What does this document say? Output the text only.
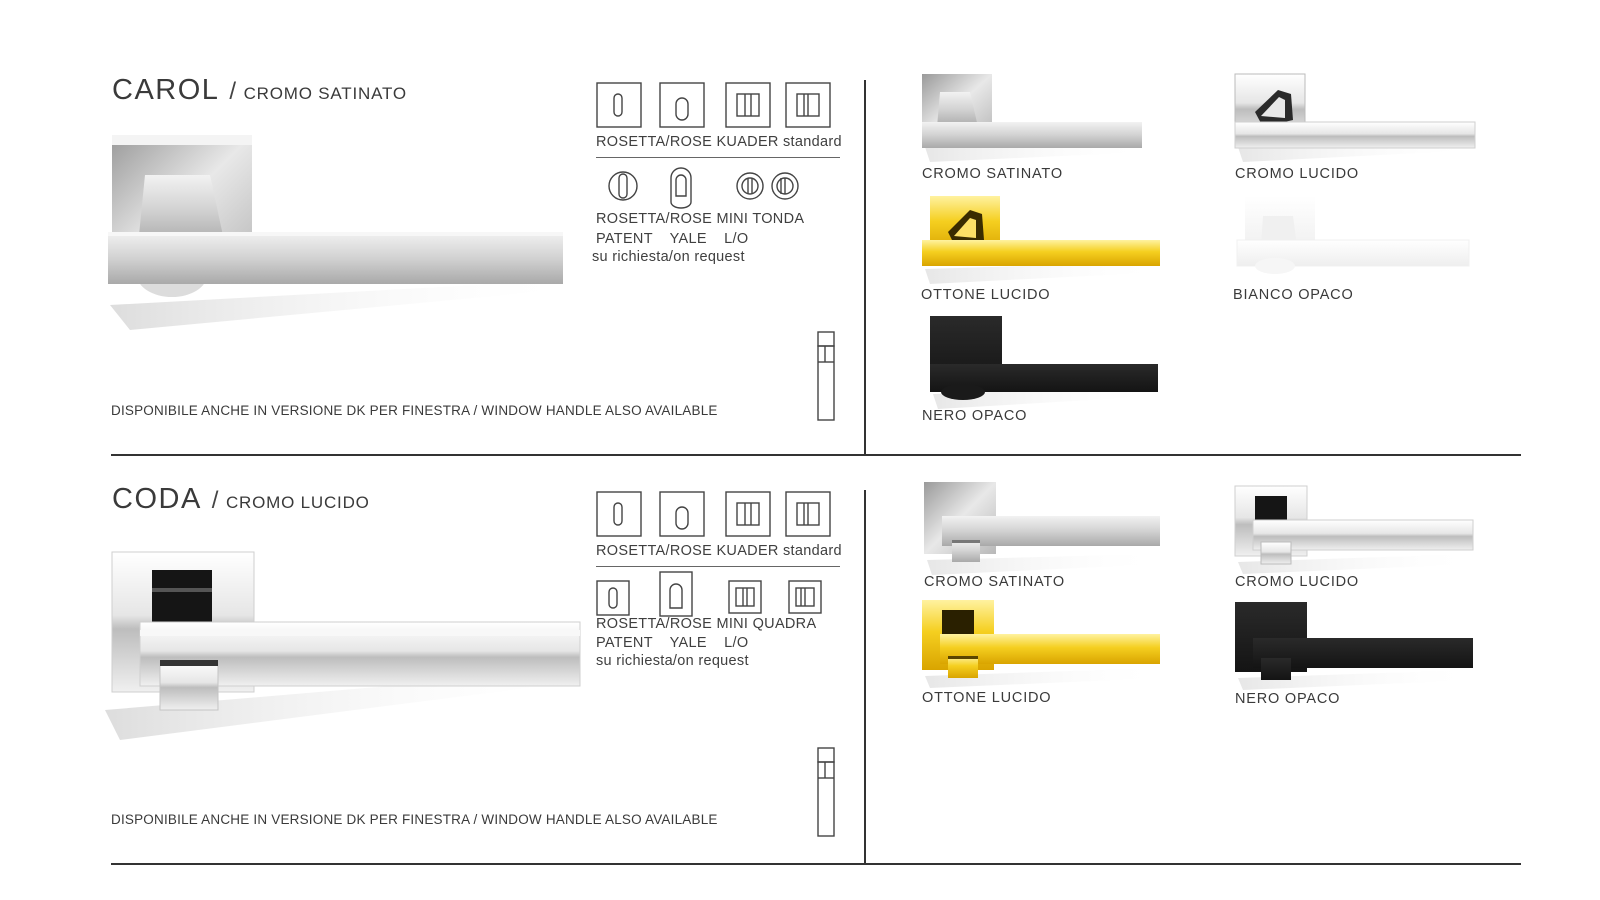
CAROL / CROMO SATINATO
ROSETTA/ROSE KUADER standard
ROSETTA/ROSE MINI TONDA
PATENT    YALE    L/O
su richiesta/on request
DISPONIBILE ANCHE IN VERSIONE DK PER FINESTRA / WINDOW HANDLE ALSO AVAILABLE
CROMO SATINATO	CROMO LUCIDO
OTTONE LUCIDO	BIANCO OPACO
NERO OPACO
CODA / CROMO LUCIDO
ROSETTA/ROSE KUADER standard
ROSETTA/ROSE MINI QUADRA
PATENT    YALE    L/O
su richiesta/on request
DISPONIBILE ANCHE IN VERSIONE DK PER FINESTRA / WINDOW HANDLE ALSO AVAILABLE
CROMO SATINATO	CROMO LUCIDO
OTTONE LUCIDO	NERO OPACO
